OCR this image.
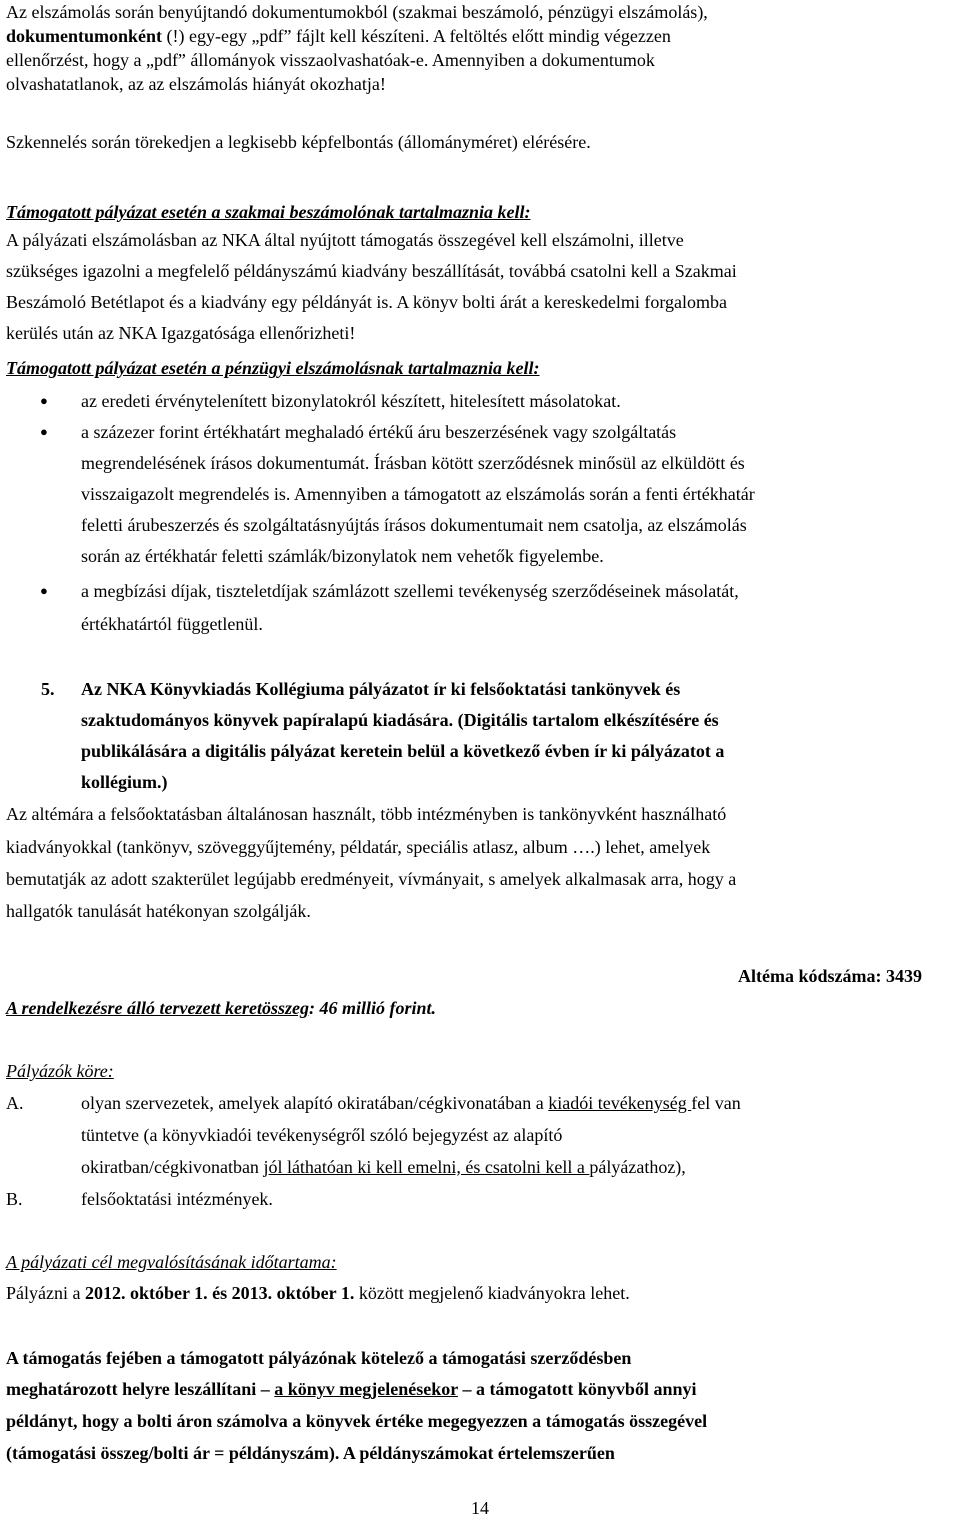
Az elszámolás során benyújtandó dokumentumokból (szakmai beszámoló, pénzügyi elszámolás),
dokumentumonként (!) egy-egy „pdf” fájlt kell készíteni. A feltöltés előtt mindig végezzen
ellenőrzést, hogy a „pdf” állományok visszaolvashatóak-e. Amennyiben a dokumentumok
olvashatatlanok, az az elszámolás hiányát okozhatja!
Szkennelés során törekedjen a legkisebb képfelbontás (állományméret) elérésére.
Támogatott pályázat esetén a szakmai beszámolónak tartalmaznia kell:
A pályázati elszámolásban az NKA által nyújtott támogatás összegével kell elszámolni, illetve
szükséges igazolni a megfelelő példányszámú kiadvány beszállítását, továbbá csatolni kell a Szakmai
Beszámoló Betétlapot és a kiadvány egy példányát is. A könyv bolti árát a kereskedelmi forgalomba
kerülés után az NKA Igazgatósága ellenőrizheti!
Támogatott pályázat esetén a pénzügyi elszámolásnak tartalmaznia kell:
● az eredeti érvénytelenített bizonylatokról készített, hitelesített másolatokat.
● a százezer forint értékhatárt meghaladó értékű áru beszerzésének vagy szolgáltatás
megrendelésének írásos dokumentumát. Írásban kötött szerződésnek minősül az elküldött és
visszaigazolt megrendelés is. Amennyiben a támogatott az elszámolás során a fenti értékhatár
feletti árubeszerzés és szolgáltatásnyújtás írásos dokumentumait nem csatolja, az elszámolás
során az értékhatár feletti számlák/bizonylatok nem vehetők figyelembe.
● a megbízási díjak, tiszteletdíjak számlázott szellemi tevékenység szerződéseinek másolatát,
értékhatártól függetlenül.
5. Az NKA Könyvkiadás Kollégiuma pályázatot ír ki felsőoktatási tankönyvek és
szaktudományos könyvek papíralapú kiadására. (Digitális tartalom elkészítésére és
publikálására a digitális pályázat keretein belül a következő évben ír ki pályázatot a
kollégium.)
Az altémára a felsőoktatásban általánosan használt, több intézményben is tankönyvként használható
kiadványokkal (tankönyv, szöveggyűjtemény, példatár, speciális atlasz, album ….) lehet, amelyek
bemutatják az adott szakterület legújabb eredményeit, vívmányait, s amelyek alkalmasak arra, hogy a
hallgatók tanulását hatékonyan szolgálják.
Altéma kódszáma: 3439
A rendelkezésre álló tervezett keretösszeg: 46 millió forint.
Pályázók köre:
A.	olyan szervezetek, amelyek alapító okiratában/cégkivonatában a kiadói tevékenység fel van
tüntetve (a könyvkiadói tevékenységről szóló bejegyzést az alapító
okiratban/cégkivonatban jól láthatóan ki kell emelni, és csatolni kell a pályázathoz),
B.	felsőoktatási intézmények.
A pályázati cél megvalósításának időtartama:
Pályázni a 2012. október 1. és 2013. október 1. között megjelenő kiadványokra lehet.
A támogatás fejében a támogatott pályázónak kötelező a támogatási szerződésben
meghatározott helyre leszállítani – a könyv megjelenésekor – a támogatott könyvből annyi
példányt, hogy a bolti áron számolva a könyvek értéke megegyezzen a támogatás összegével
(támogatási összeg/bolti ár = példányszám). A példányszámokat értelemszerűen
14
